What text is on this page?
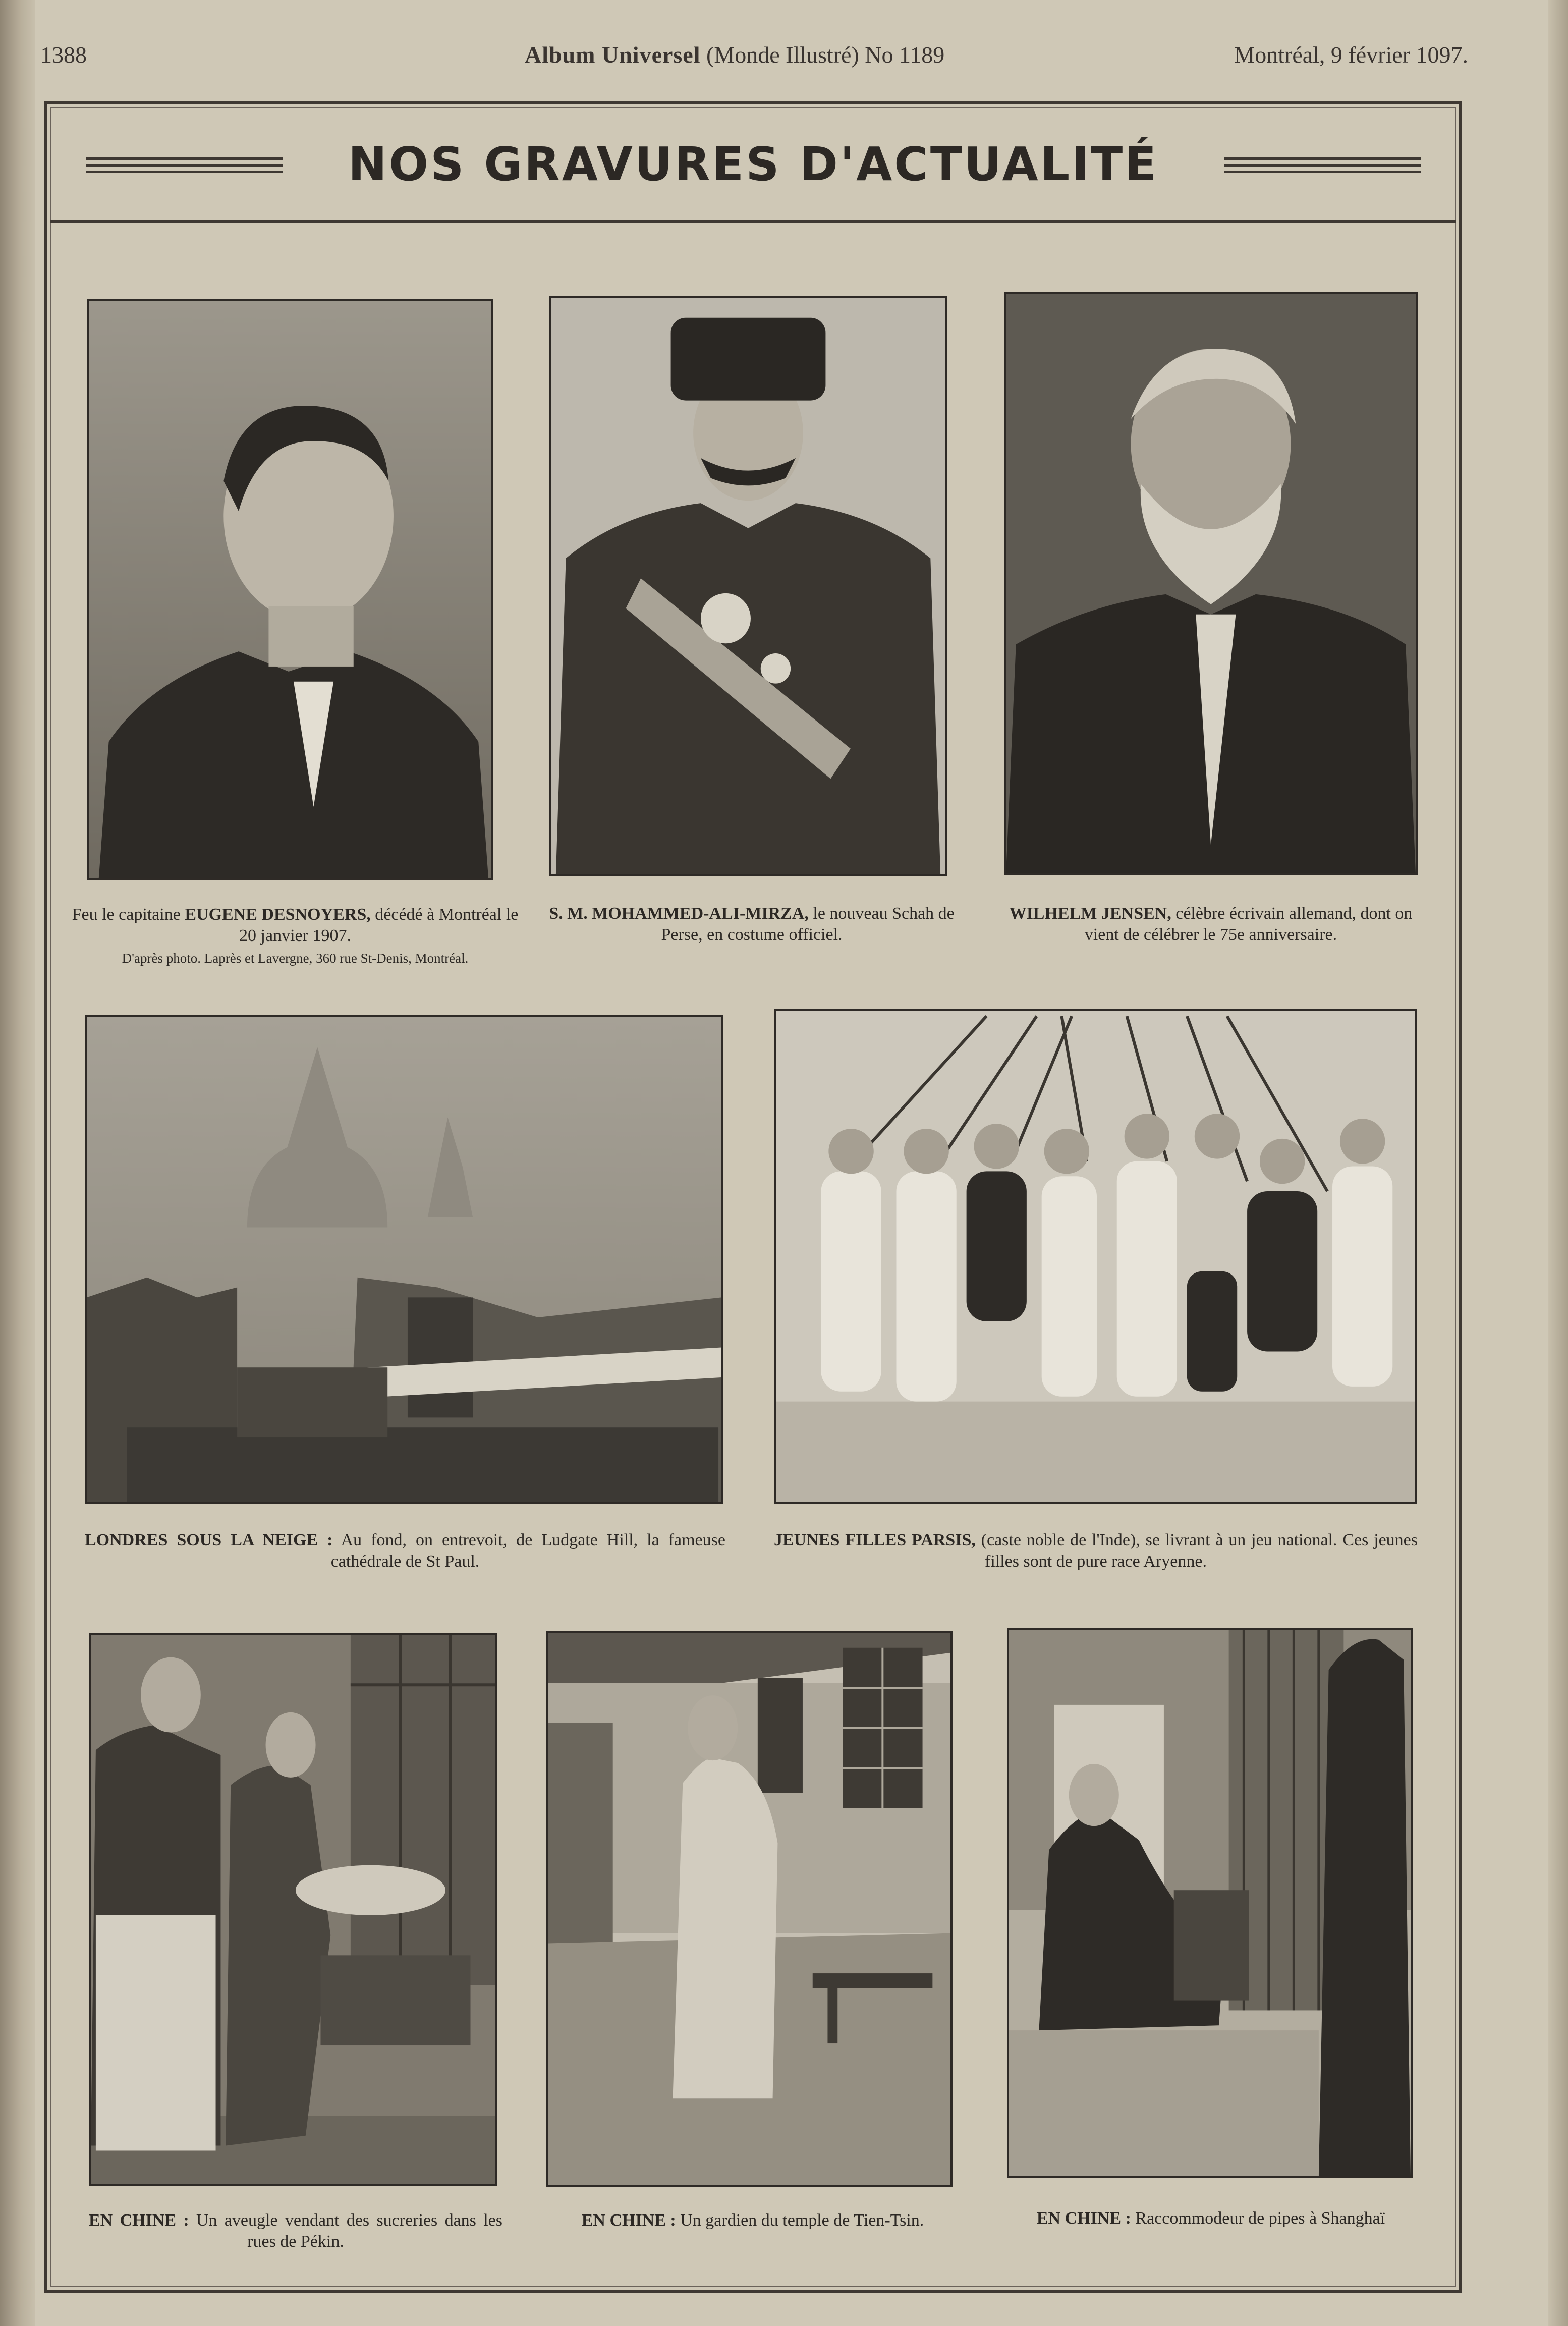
1388	Album Universel (Monde Illustré) No 1189	Montréal, 9 février 1097.
NOS GRAVURES D'ACTUALITÉ
Feu le capitaine EUGENE DESNOYERS, décédé à Montréal le 20 janvier 1907.
D'après photo. Laprès et Lavergne, 360 rue St-Denis, Montréal.
S. M. MOHAMMED-ALI-MIRZA, le nouveau Schah de Perse, en costume officiel.
WILHELM JENSEN, célèbre écrivain allemand, dont on vient de célébrer le 75e anniversaire.
LONDRES SOUS LA NEIGE : Au fond, on entrevoit, de Ludgate Hill, la fameuse cathédrale de St Paul.
JEUNES FILLES PARSIS, (caste noble de l'Inde), se livrant à un jeu national. Ces jeunes filles sont de pure race Aryenne.
EN CHINE : Un aveugle vendant des sucreries dans les rues de Pékin.
EN CHINE : Un gardien du temple de Tien-Tsin.	EN CHINE : Raccommodeur de pipes à Shanghaï
